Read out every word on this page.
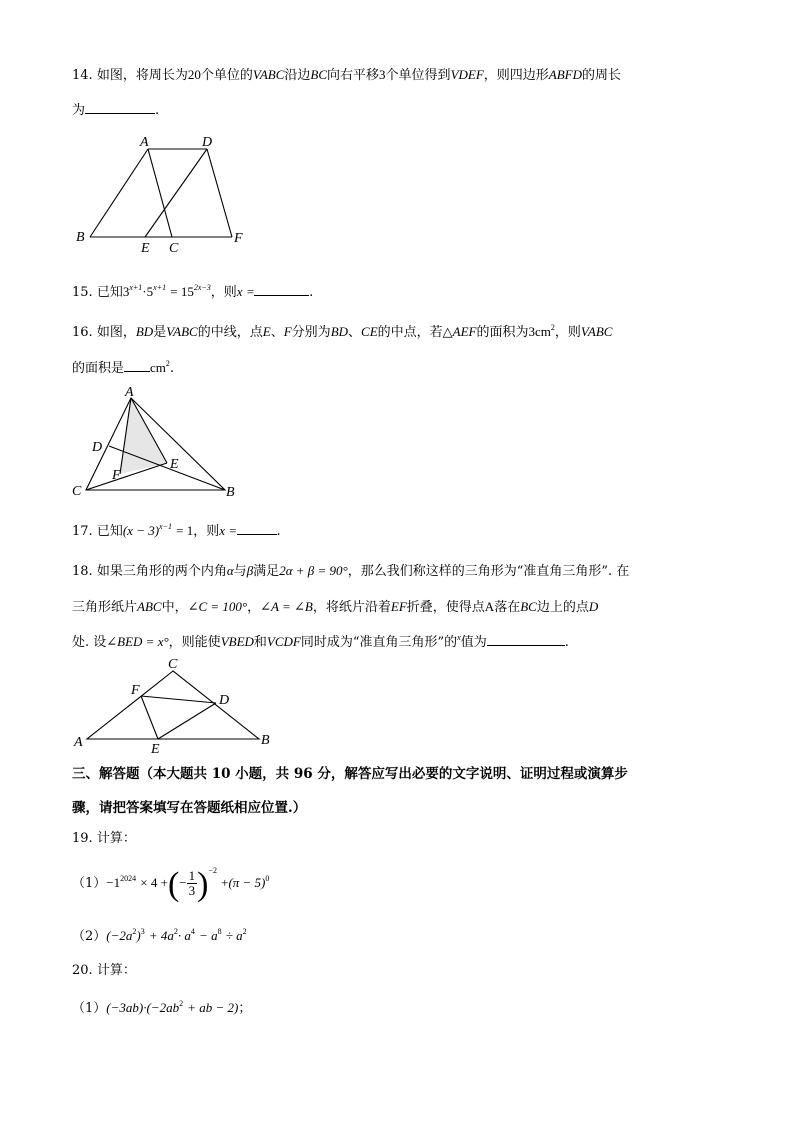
14. 如图，将周长为20个单位的VABC沿边BC向右平移3个单位得到VDEF，则四边形ABFD的周长
为	.
A	D
B
E C
F
15. 已知$3^{x+1}\cdot 5^{x+1} = 15^{2x-3}$，则x =	.
16. 如图，BD是VABC的中线，点E、F分别为BD、CE的中点，若△AEF的面积为$3cm^2$，则VABC
的面积是 $cm^2$.
A
D
E
F
C	B
17. 已知$(x - 3)^{x-1} = 1$，则x =	.
18. 如果三角形的两个内角α与β满足2α + β = 90°，那么我们称这样的三角形为“准直角三角形”. 在
三角形纸片ABC中，∠C = 100°，∠A = ∠B，将纸片沿着EF折叠，使得点A落在BC边上的点D
处. 设∠BED = x°，则能使VBED和VCDF同时成为“准直角三角形”的$^x$值为	.
C
F
D
A	E
B
三、解答题（本大题共 10 小题，共 96 分，解答应写出必要的文字说明、证明过程或演算步
骤，请把答案填写在答题纸相应位置.）
19. 计算：
$(1)-1^{2024} \times 4$ +(− $\frac{1}{3} )^{-2} +(\pi - 5)^0$
$(2)(-2a^2)^3 + 4a^2\cdot a^4 - a^8 \div a^2$
20. 计算：
$(1)(-3ab)\cdot(-2ab^2$ + ab − 2)；
